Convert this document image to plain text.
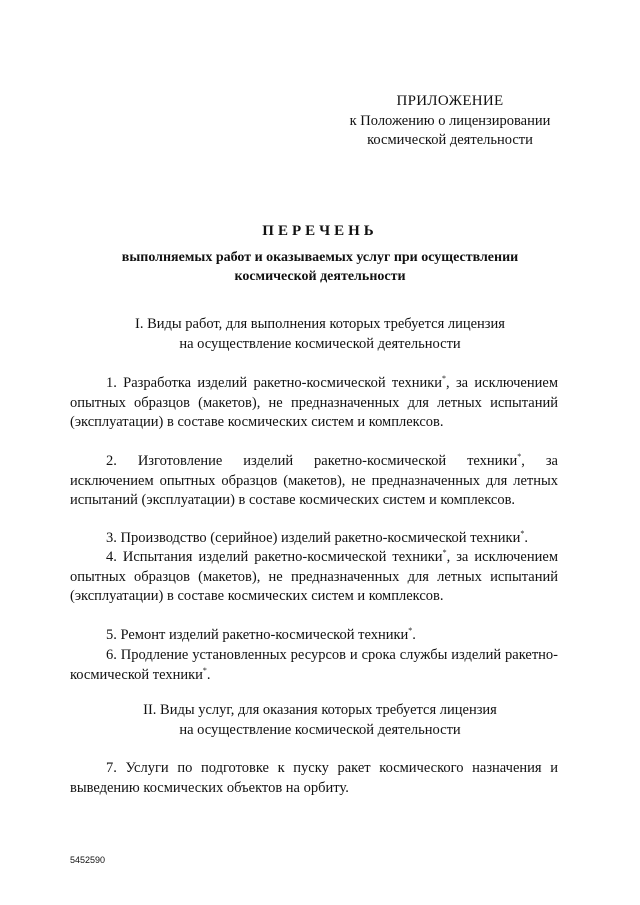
ПРИЛОЖЕНИЕ
к Положению о лицензировании
космической деятельности
ПЕРЕЧЕНЬ
выполняемых работ и оказываемых услуг при осуществлении
космической деятельности
I. Виды работ, для выполнения которых требуется лицензия
на осуществление космической деятельности
1. Разработка изделий ракетно-космической техники*, за исключением опытных образцов (макетов), не предназначенных для летных испытаний (эксплуатации) в составе космических систем и комплексов.
2. Изготовление изделий ракетно-космической техники*, за исключением опытных образцов (макетов), не предназначенных для летных испытаний (эксплуатации) в составе космических систем и комплексов.
3. Производство (серийное) изделий ракетно-космической техники*.
4. Испытания изделий ракетно-космической техники*, за исключением опытных образцов (макетов), не предназначенных для летных испытаний (эксплуатации) в составе космических систем и комплексов.
5. Ремонт изделий ракетно-космической техники*.
6. Продление установленных ресурсов и срока службы изделий ракетно-космической техники*.
II. Виды услуг, для оказания которых требуется лицензия
на осуществление космической деятельности
7. Услуги по подготовке к пуску ракет космического назначения и выведению космических объектов на орбиту.
5452590
